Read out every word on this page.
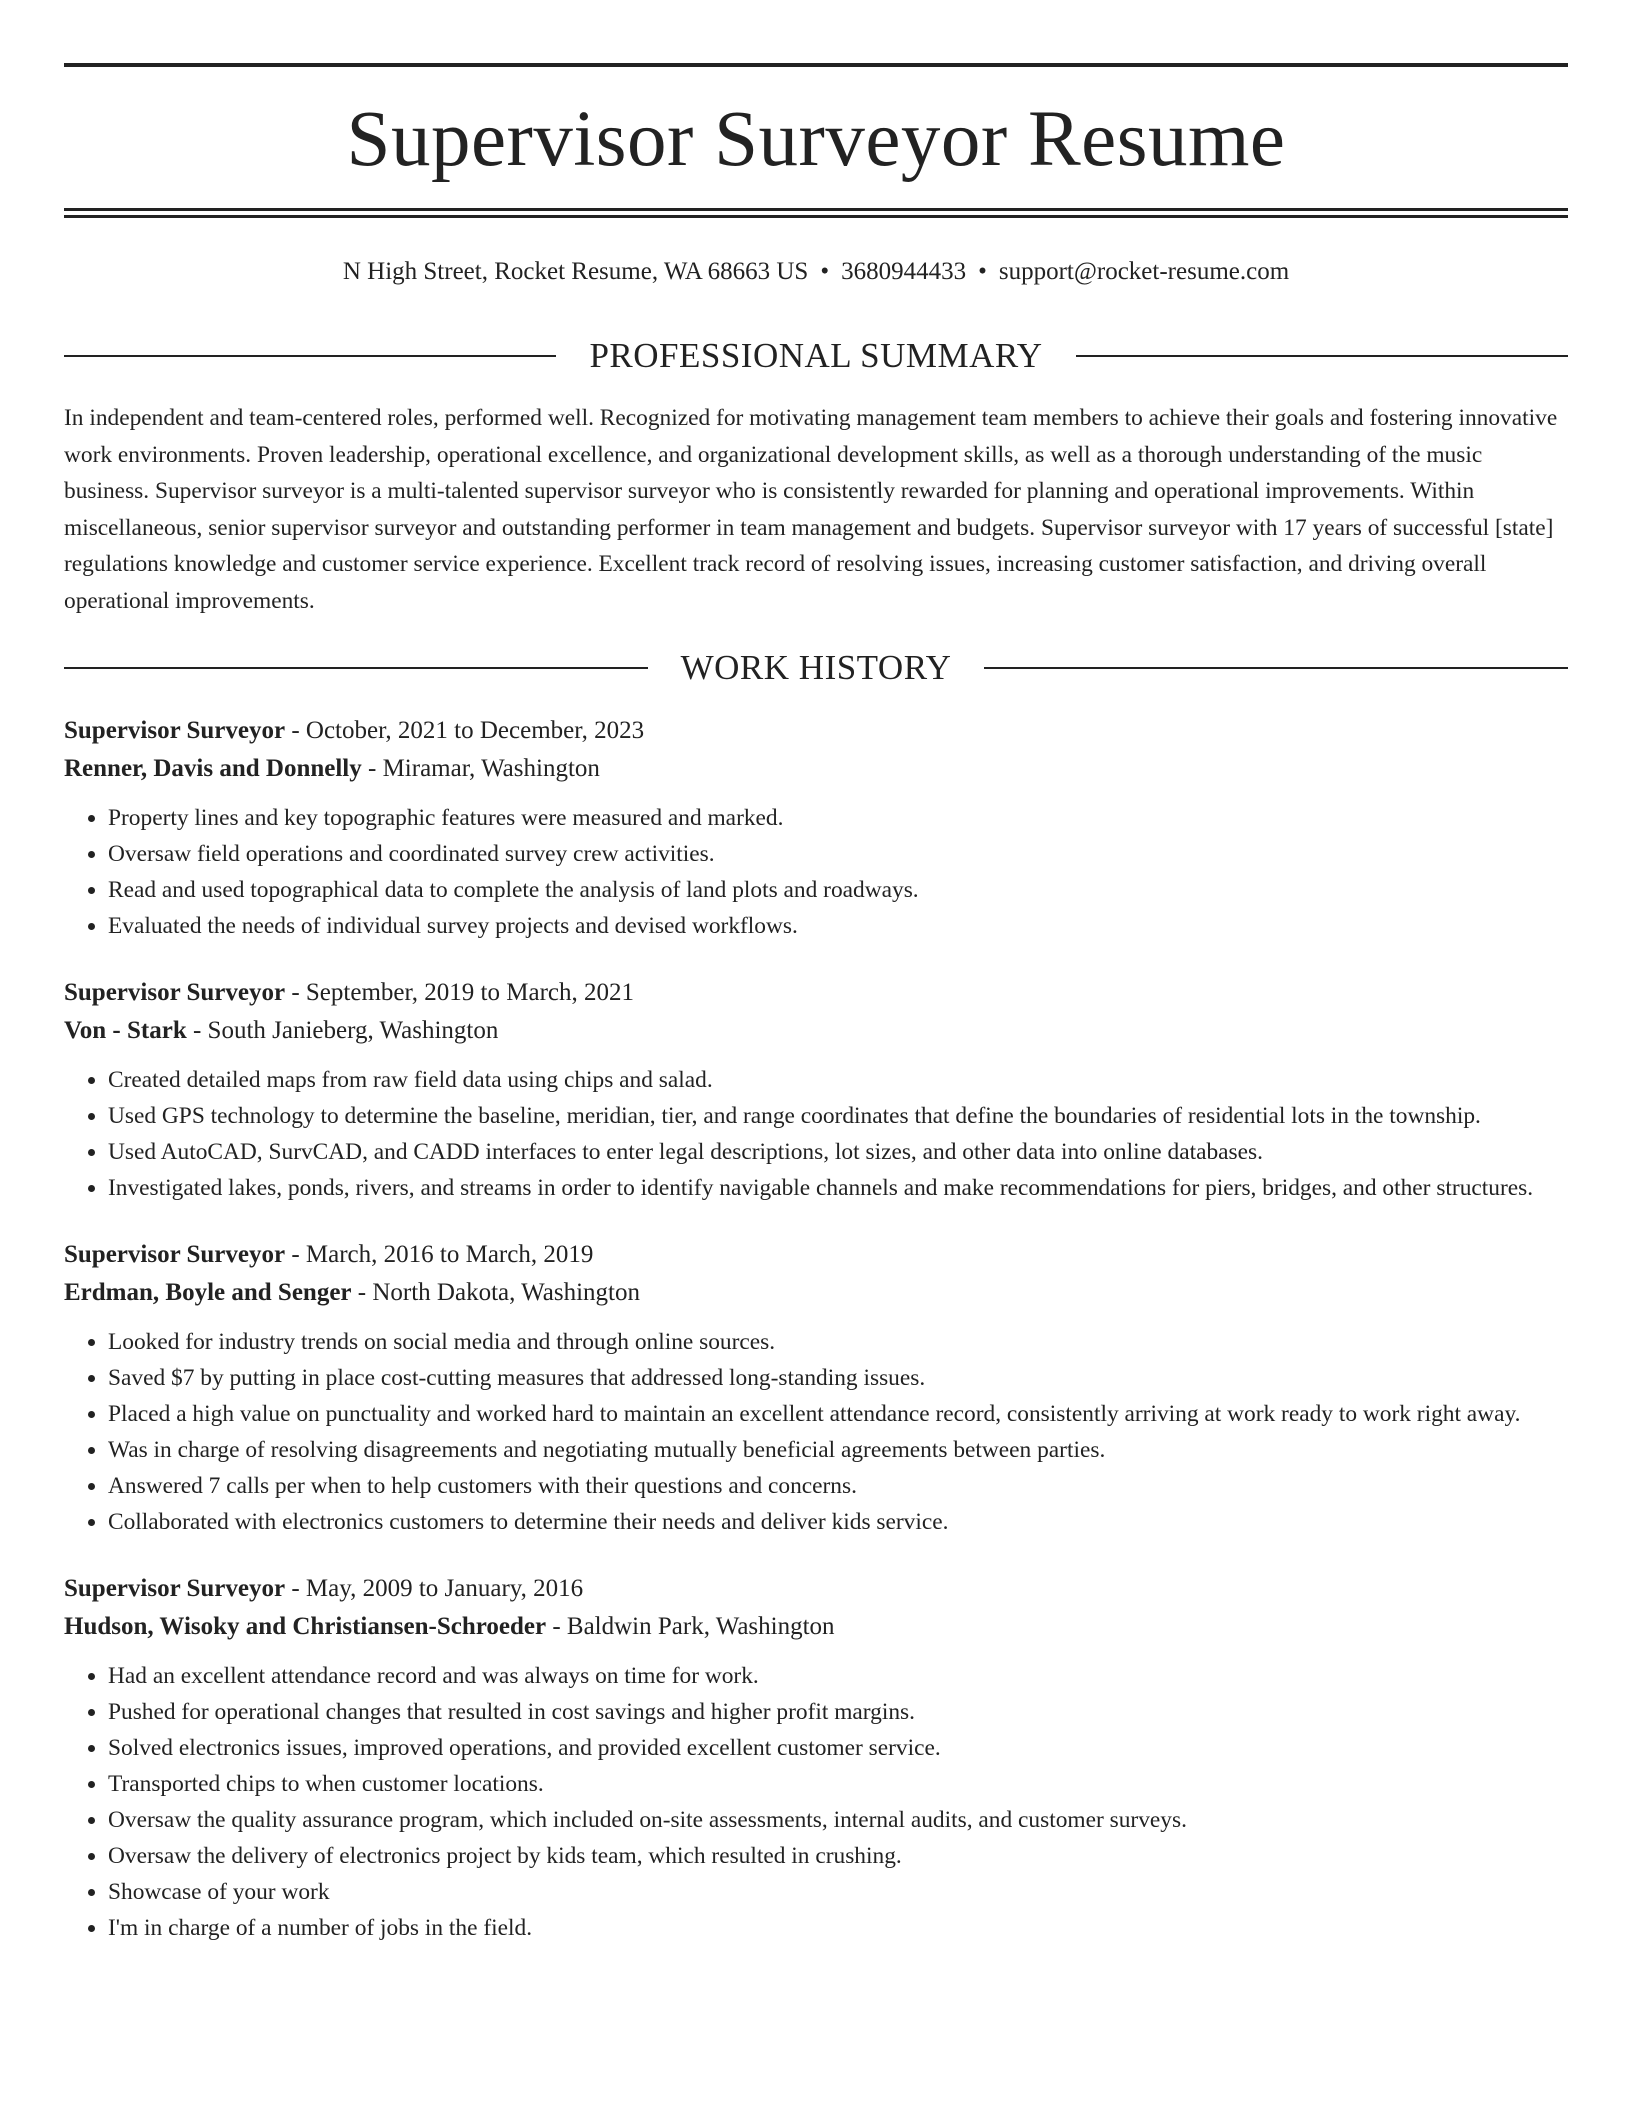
Supervisor Surveyor Resume
N High Street, Rocket Resume, WA 68663 US • 3680944433 • support@rocket-resume.com
PROFESSIONAL SUMMARY

In independent and team-centered roles, performed well. Recognized for motivating management team members to achieve their goals and fostering innovative work environments. Proven leadership, operational excellence, and organizational development skills, as well as a thorough understanding of the music business. Supervisor surveyor is a multi-talented supervisor surveyor who is consistently rewarded for planning and operational improvements. Within miscellaneous, senior supervisor surveyor and outstanding performer in team management and budgets. Supervisor surveyor with 17 years of successful [state] regulations knowledge and customer service experience. Excellent track record of resolving issues, increasing customer satisfaction, and driving overall operational improvements.

WORK HISTORY
Supervisor Surveyor - October, 2021 to December, 2023
Renner, Davis and Donnelly - Miramar, Washington
• Property lines and key topographic features were measured and marked.
• Oversaw field operations and coordinated survey crew activities.
• Read and used topographical data to complete the analysis of land plots and roadways.
• Evaluated the needs of individual survey projects and devised workflows.
Supervisor Surveyor - September, 2019 to March, 2021
Von - Stark - South Janieberg, Washington
• Created detailed maps from raw field data using chips and salad.
• Used GPS technology to determine the baseline, meridian, tier, and range coordinates that define the boundaries of residential lots in the township.
• Used AutoCAD, SurvCAD, and CADD interfaces to enter legal descriptions, lot sizes, and other data into online databases.
• Investigated lakes, ponds, rivers, and streams in order to identify navigable channels and make recommendations for piers, bridges, and other structures.
Supervisor Surveyor - March, 2016 to March, 2019
Erdman, Boyle and Senger - North Dakota, Washington
• Looked for industry trends on social media and through online sources.
• Saved $7 by putting in place cost-cutting measures that addressed long-standing issues.
• Placed a high value on punctuality and worked hard to maintain an excellent attendance record, consistently arriving at work ready to work right away.
• Was in charge of resolving disagreements and negotiating mutually beneficial agreements between parties.
• Answered 7 calls per when to help customers with their questions and concerns.
• Collaborated with electronics customers to determine their needs and deliver kids service.
Supervisor Surveyor - May, 2009 to January, 2016
Hudson, Wisoky and Christiansen-Schroeder - Baldwin Park, Washington
• Had an excellent attendance record and was always on time for work.
• Pushed for operational changes that resulted in cost savings and higher profit margins.
• Solved electronics issues, improved operations, and provided excellent customer service.
• Transported chips to when customer locations.
• Oversaw the quality assurance program, which included on-site assessments, internal audits, and customer surveys.
• Oversaw the delivery of electronics project by kids team, which resulted in crushing.
• Showcase of your work
• I'm in charge of a number of jobs in the field.
